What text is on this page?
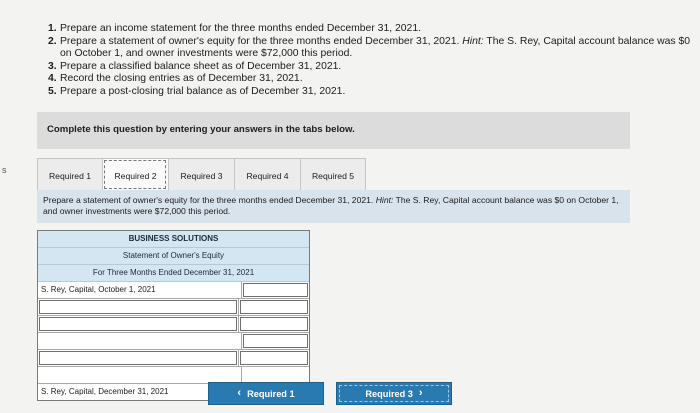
s
1. Prepare an income statement for the three months ended December 31, 2021.
2. Prepare a statement of owner's equity for the three months ended December 31, 2021. Hint: The S. Rey, Capital account balance was $0 on October 1, and owner investments were $72,000 this period.
3. Prepare a classified balance sheet as of December 31, 2021.
4. Record the closing entries as of December 31, 2021.
5. Prepare a post-closing trial balance as of December 31, 2021.
Complete this question by entering your answers in the tabs below.
Required 1	Required 2	Required 3	Required 4	Required 5
Prepare a statement of owner's equity for the three months ended December 31, 2021. Hint: The S. Rey, Capital account balance was $0 on October 1, and owner investments were $72,000 this period.
BUSINESS SOLUTIONS
Statement of Owner's Equity
For Three Months Ended December 31, 2021
S. Rey, Capital, October 1, 2021
S. Rey, Capital, December 31, 2021	‹ Required 1	Required 3 ›
